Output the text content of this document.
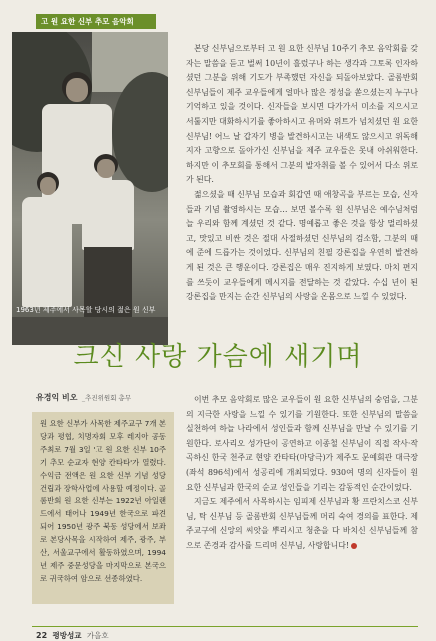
고 원 요한 신부 추모 음악회
1963년 제주에서 사목할 당시의 젊은 원 신부

본당 신부님으로부터 고 원 요한 신부님 10주기 추모 음악회를 갖자는 말씀을 듣고 벌써 10년이 흘렀구나 하는 생각과 그토록 인자하셨던 그분을 위해 기도가 부족했던 자신을 되돌아보았다. 골롬반회 신부님들이 제주 교우들에게 얼마나 많은 정성을 쏟으셨는지 누구나 기억하고 있을 것이다. 신자들을 보시면 다가가서 미소를 지으시고 서툴지만 대화하시기를 좋아하시고 유머와 위트가 넘치셨던 원 요한 신부님! 어느 날 갑자기 병을 발견하시고는 내색도 않으시고 위독해지자 고향으로 돌아가신 신부님을 제주 교우들은 못내 아쉬워한다. 하지만 이 추모회를 통해서 그분의 발자취를 볼 수 있어서 다소 위로가 된다.

젊으셨을 때 신부님 모습과 회갑연 때 애창곡을 부르는 모습, 신자들과 기념 촬영하시는 모습… 보면 볼수록 원 신부님은 예수님처럼 늘 우리와 함께 계셨던 것 같다. 명예롭고 좋은 것을 항상 멀리하셨고, 맛있고 비싼 것은 절대 사절하셨던 신부님의 검소함, 그분의 때에 준에 드릅가는 것이었다. 신부님의 친필 강론집을 우연히 발견하게 된 것은 큰 행운이다. 강론집은 매우 진지하게 보였다. 마치 편지를 쓰듯이 교우들에게 메시지를 전달하는 것 같았다. 수십 년이 된 강론집을 만지는 순간 신부님의 사랑을 온몸으로 느낄 수 있었다.

크신 사랑 가슴에 새기며
유경익 비오 _추진위원회 총무
원 요한 신부가 사목한 제주교구 7개 본당과 평협, 치명자회 모후 레지아 공동 주최로 7월 3일 '고 원 요한 신부 10주기 추모 순교자 현양 칸타타'가 열렸다. 수익금 전액은 원 요한 신부 기념 성당 건립과 장학사업에 사용할 예정이다. 골롬반회 원 요한 신부는 1922년 아일랜드에서 태어나 1949년 한국으로 파견되어 1950년 광주 북동 성당에서 보좌로 본당사목을 시작하여 제주, 광주, 부산, 서울교구에서 활동하였으며, 1994년 제주 중문성당을 마지막으로 본국으로 귀국하여 암으로 선종하였다.

이번 추모 음악회로 많은 교우들이 원 요한 신부님의 숭엄을, 그분의 지극한 사랑을 느낄 수 있기를 기원한다. 또한 신부님의 말씀을 실천하여 하늘 나라에서 성인들과 함께 신부님을 만날 수 있기를 기원한다. 로사리오 성가단이 공연하고 이종철 신부님이 직접 작사·작곡하신 한국 천주교 현양 칸타타(마당극)가 제주도 문예회관 대극장(좌석 896석)에서 성공리에 개최되었다. 930여 명의 신자들이 원 요한 신부님과 한국의 순교 성인들을 기리는 감동적인 순간이었다.

지금도 제주에서 사목하시는 임피제 신부님과 황 프란치스코 신부님, 탁 신부님 등 골롬반회 신부님들께 머리 숙여 경의를 표한다. 제주교구에 신앙의 씨앗을 뿌리시고 청춘을 다 바치신 신부님들께 참으로 존경과 감사를 드리며 신부님, 사랑합니다!

22 평방성교 가을호
